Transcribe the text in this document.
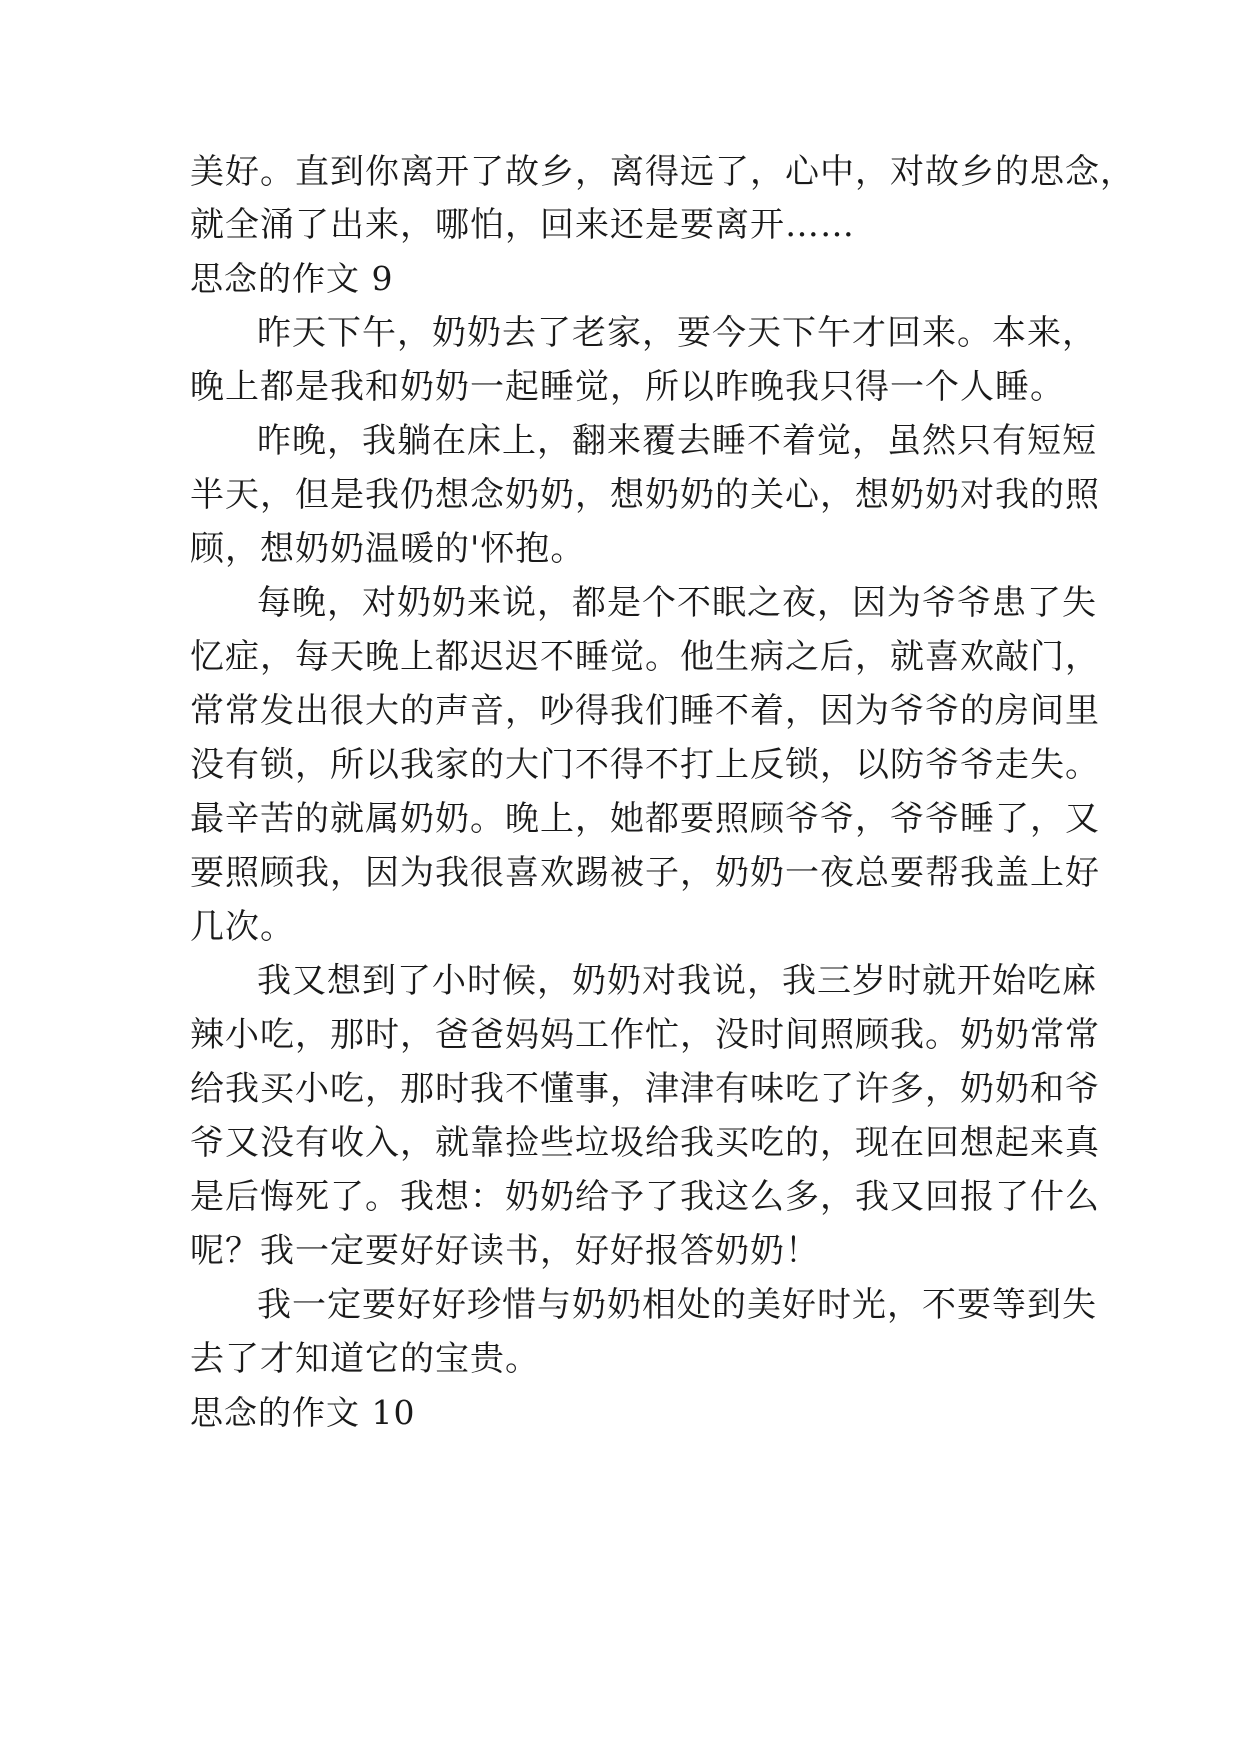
美好。直到你离开了故乡，离得远了，心中，对故乡的思念，
就全涌了出来，哪怕，回来还是要离开……
思念的作文 9
昨天下午，奶奶去了老家，要今天下午才回来。本来，
晚上都是我和奶奶一起睡觉，所以昨晚我只得一个人睡。
昨晚，我躺在床上，翻来覆去睡不着觉，虽然只有短短
半天，但是我仍想念奶奶，想奶奶的关心，想奶奶对我的照
顾，想奶奶温暖的'怀抱。
每晚，对奶奶来说，都是个不眠之夜，因为爷爷患了失
忆症，每天晚上都迟迟不睡觉。他生病之后，就喜欢敲门，
常常发出很大的声音，吵得我们睡不着，因为爷爷的房间里
没有锁，所以我家的大门不得不打上反锁，以防爷爷走失。
最辛苦的就属奶奶。晚上，她都要照顾爷爷，爷爷睡了，又
要照顾我，因为我很喜欢踢被子，奶奶一夜总要帮我盖上好
几次。
我又想到了小时候，奶奶对我说，我三岁时就开始吃麻
辣小吃，那时，爸爸妈妈工作忙，没时间照顾我。奶奶常常
给我买小吃，那时我不懂事，津津有味吃了许多，奶奶和爷
爷又没有收入，就靠捡些垃圾给我买吃的，现在回想起来真
是后悔死了。我想：奶奶给予了我这么多，我又回报了什么
呢？我一定要好好读书，好好报答奶奶！
我一定要好好珍惜与奶奶相处的美好时光，不要等到失
去了才知道它的宝贵。
思念的作文 10
